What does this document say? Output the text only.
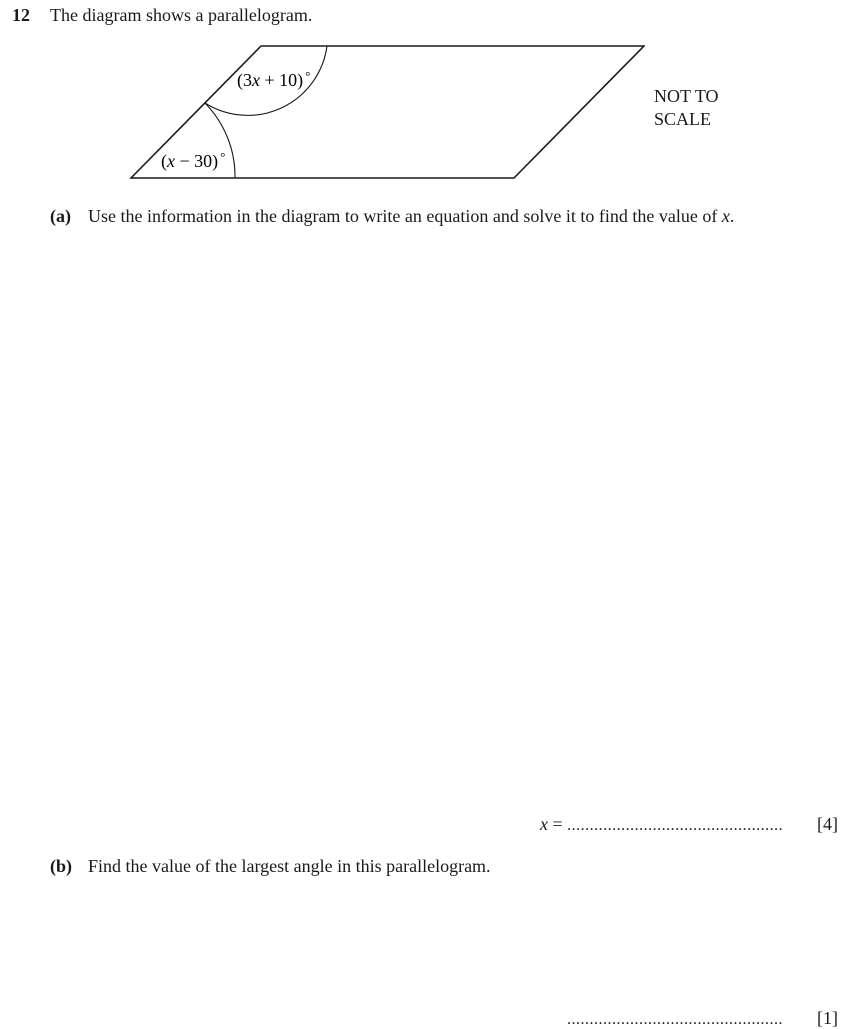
12 The diagram shows a parallelogram.
(3x + 10) °
(x − 30) °
NOT TO
SCALE
(a) Use the information in the diagram to write an equation and solve it to find the value of x.
x = ................................................ [4]
(b) Find the value of the largest angle in this parallelogram.
................................................ [1]
